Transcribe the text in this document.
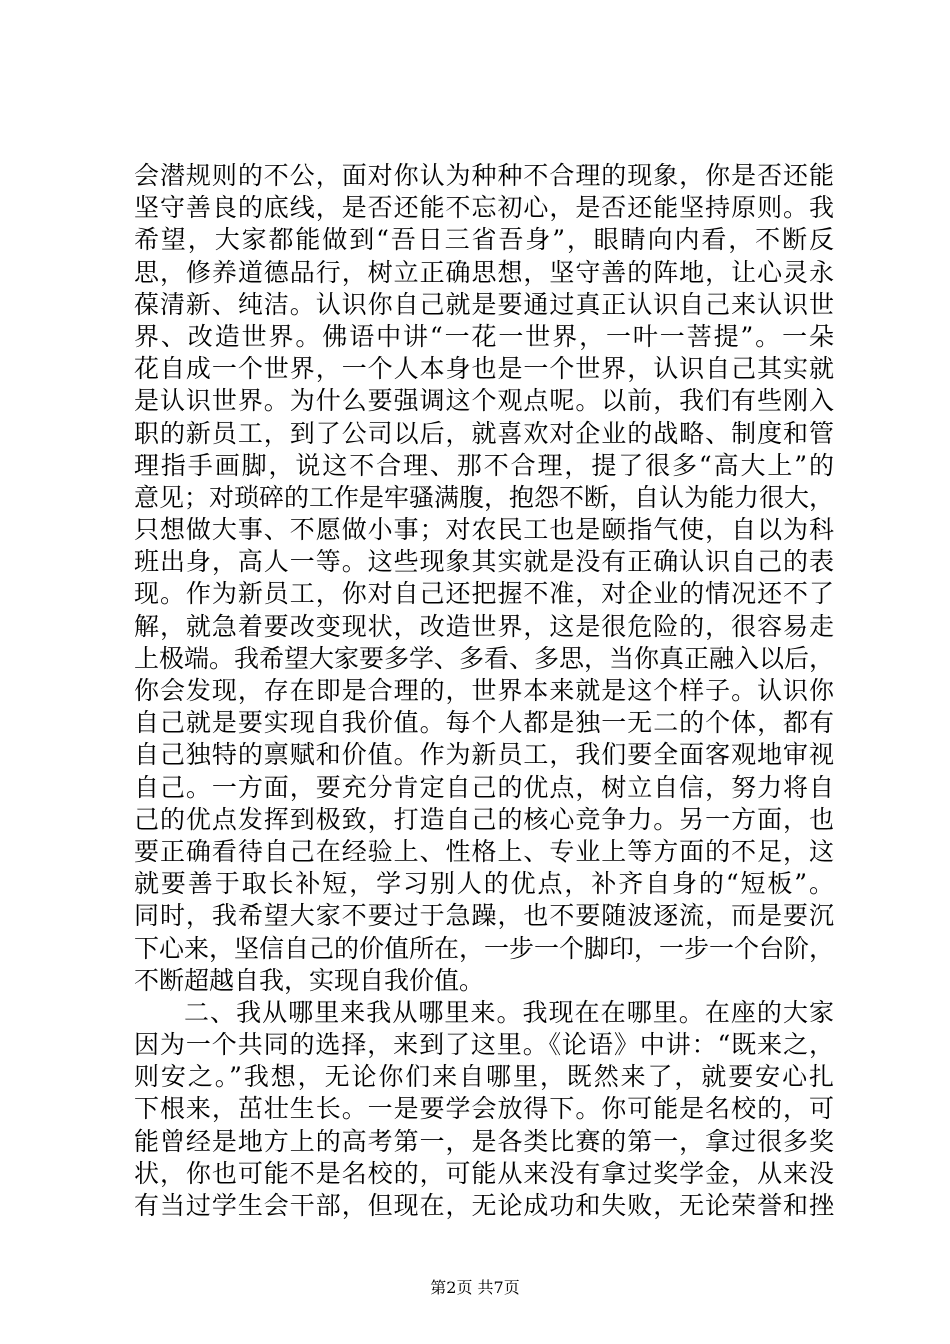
会潜规则的不公，面对你认为种种不合理的现象，你是否还能
坚守善良的底线，是否还能不忘初心，是否还能坚持原则。我
希望，大家都能做到“吾日三省吾身”，眼睛向内看，不断反
思，修养道德品行，树立正确思想，坚守善的阵地，让心灵永
葆清新、纯洁。认识你自己就是要通过真正认识自己来认识世
界、改造世界。佛语中讲“一花一世界，一叶一菩提”。一朵
花自成一个世界，一个人本身也是一个世界，认识自己其实就
是认识世界。为什么要强调这个观点呢。以前，我们有些刚入
职的新员工，到了公司以后，就喜欢对企业的战略、制度和管
理指手画脚，说这不合理、那不合理，提了很多“高大上”的
意见；对琐碎的工作是牢骚满腹，抱怨不断，自认为能力很大，
只想做大事、不愿做小事；对农民工也是颐指气使，自以为科
班出身，高人一等。这些现象其实就是没有正确认识自己的表
现。作为新员工，你对自己还把握不准，对企业的情况还不了
解，就急着要改变现状，改造世界，这是很危险的，很容易走
上极端。我希望大家要多学、多看、多思，当你真正融入以后，
你会发现，存在即是合理的，世界本来就是这个样子。认识你
自己就是要实现自我价值。每个人都是独一无二的个体，都有
自己独特的禀赋和价值。作为新员工，我们要全面客观地审视
自己。一方面，要充分肯定自己的优点，树立自信，努力将自
己的优点发挥到极致，打造自己的核心竞争力。另一方面，也
要正确看待自己在经验上、性格上、专业上等方面的不足，这
就要善于取长补短，学习别人的优点，补齐自身的“短板”。
同时，我希望大家不要过于急躁，也不要随波逐流，而是要沉
下心来，坚信自己的价值所在，一步一个脚印，一步一个台阶，
不断超越自我，实现自我价值。
二、我从哪里来我从哪里来。我现在在哪里。在座的大家
因为一个共同的选择，来到了这里。《论语》中讲：“既来之，
则安之。”我想，无论你们来自哪里，既然来了，就要安心扎
下根来，茁壮生长。一是要学会放得下。你可能是名校的，可
能曾经是地方上的高考第一，是各类比赛的第一，拿过很多奖
状，你也可能不是名校的，可能从来没有拿过奖学金，从来没
有当过学生会干部，但现在，无论成功和失败，无论荣誉和挫
第2页 共7页
